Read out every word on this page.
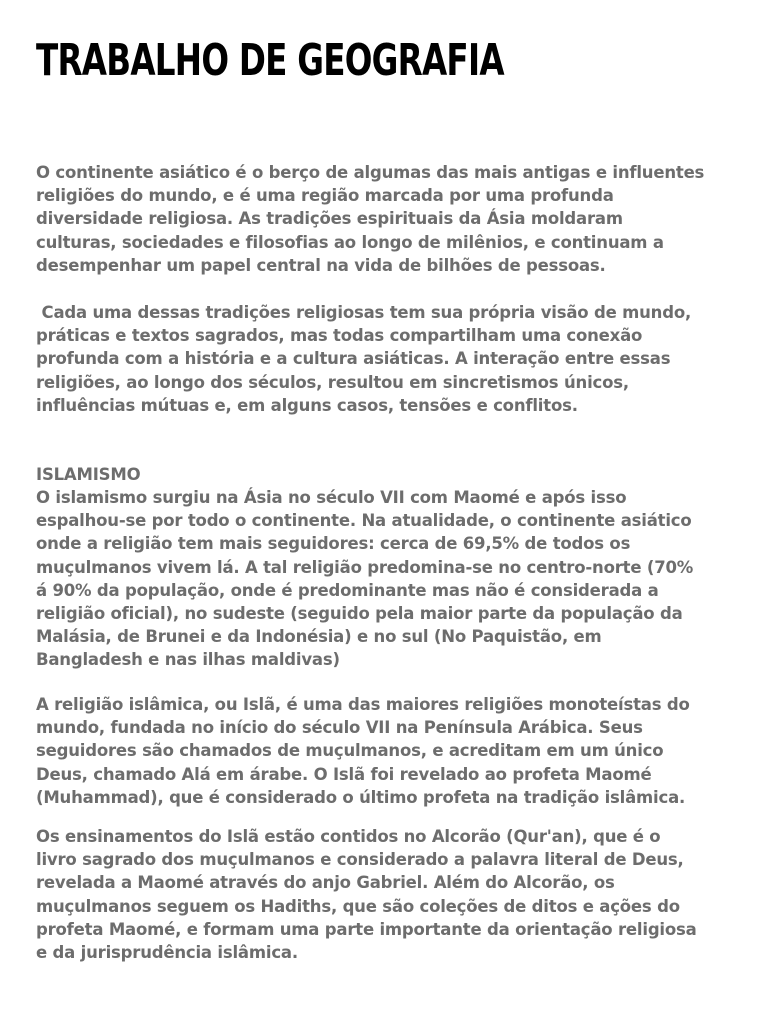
TRABALHO DE GEOGRAFIA

O continente asiático é o berço de algumas das mais antigas e influentes
religiões do mundo, e é uma região marcada por uma profunda
diversidade religiosa. As tradições espirituais da Ásia moldaram
culturas, sociedades e filosofias ao longo de milênios, e continuam a
desempenhar um papel central na vida de bilhões de pessoas.

Cada uma dessas tradições religiosas tem sua própria visão de mundo,
práticas e textos sagrados, mas todas compartilham uma conexão
profunda com a história e a cultura asiáticas. A interação entre essas
religiões, ao longo dos séculos, resultou em sincretismos únicos,
influências mútuas e, em alguns casos, tensões e conflitos.

ISLAMISMO

O islamismo surgiu na Ásia no século VII com Maomé e após isso
espalhou-se por todo o continente. Na atualidade, o continente asiático
onde a religião tem mais seguidores: cerca de 69,5% de todos os
muçulmanos vivem lá. A tal religião predomina-se no centro-norte (70%
á 90% da população, onde é predominante mas não é considerada a
religião oficial), no sudeste (seguido pela maior parte da população da
Malásia, de Brunei e da Indonésia) e no sul (No Paquistão, em
Bangladesh e nas ilhas maldivas)

A religião islâmica, ou Islã, é uma das maiores religiões monoteístas do
mundo, fundada no início do século VII na Península Arábica. Seus
seguidores são chamados de muçulmanos, e acreditam em um único
Deus, chamado Alá em árabe. O Islã foi revelado ao profeta Maomé
(Muhammad), que é considerado o último profeta na tradição islâmica.

Os ensinamentos do Islã estão contidos no Alcorão (Qur'an), que é o
livro sagrado dos muçulmanos e considerado a palavra literal de Deus,
revelada a Maomé através do anjo Gabriel. Além do Alcorão, os
muçulmanos seguem os Hadiths, que são coleções de ditos e ações do
profeta Maomé, e formam uma parte importante da orientação religiosa
e da jurisprudência islâmica.
